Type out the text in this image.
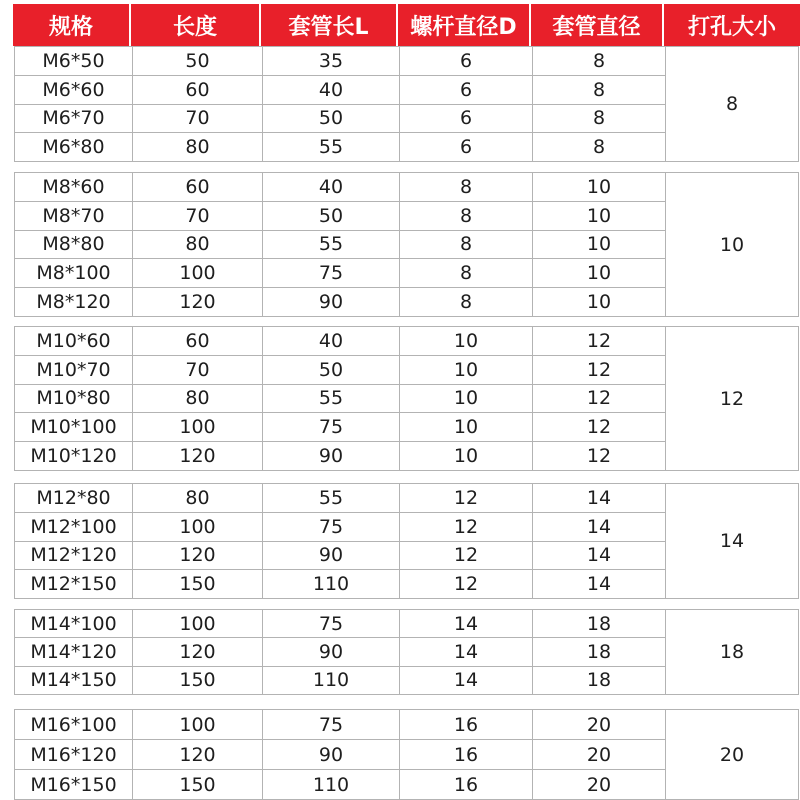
规格	长度	套管长L	螺杆直径D	套管直径	打孔大小
M6*50	50	35	6	8	8
M6*60	60	40	6	8	
M6*70	70	50	6	8	
M6*80	80	55	6	8	
M8*60	60	40	8	10	10
M8*70	70	50	8	10	
M8*80	80	55	8	10	
M8*100	100	75	8	10	
M8*120	120	90	8	10	
M10*60	60	40	10	12	12
M10*70	70	50	10	12	
M10*80	80	55	10	12	
M10*100	100	75	10	12	
M10*120	120	90	10	12	
M12*80	80	55	12	14	14
M12*100	100	75	12	14	
M12*120	120	90	12	14	
M12*150	150	110	12	14	
M14*100	100	75	14	18	18
M14*120	120	90	14	18	
M14*150	150	110	14	18	
M16*100	100	75	16	20	20
M16*120	120	90	16	20	
M16*150	150	110	16	20	
